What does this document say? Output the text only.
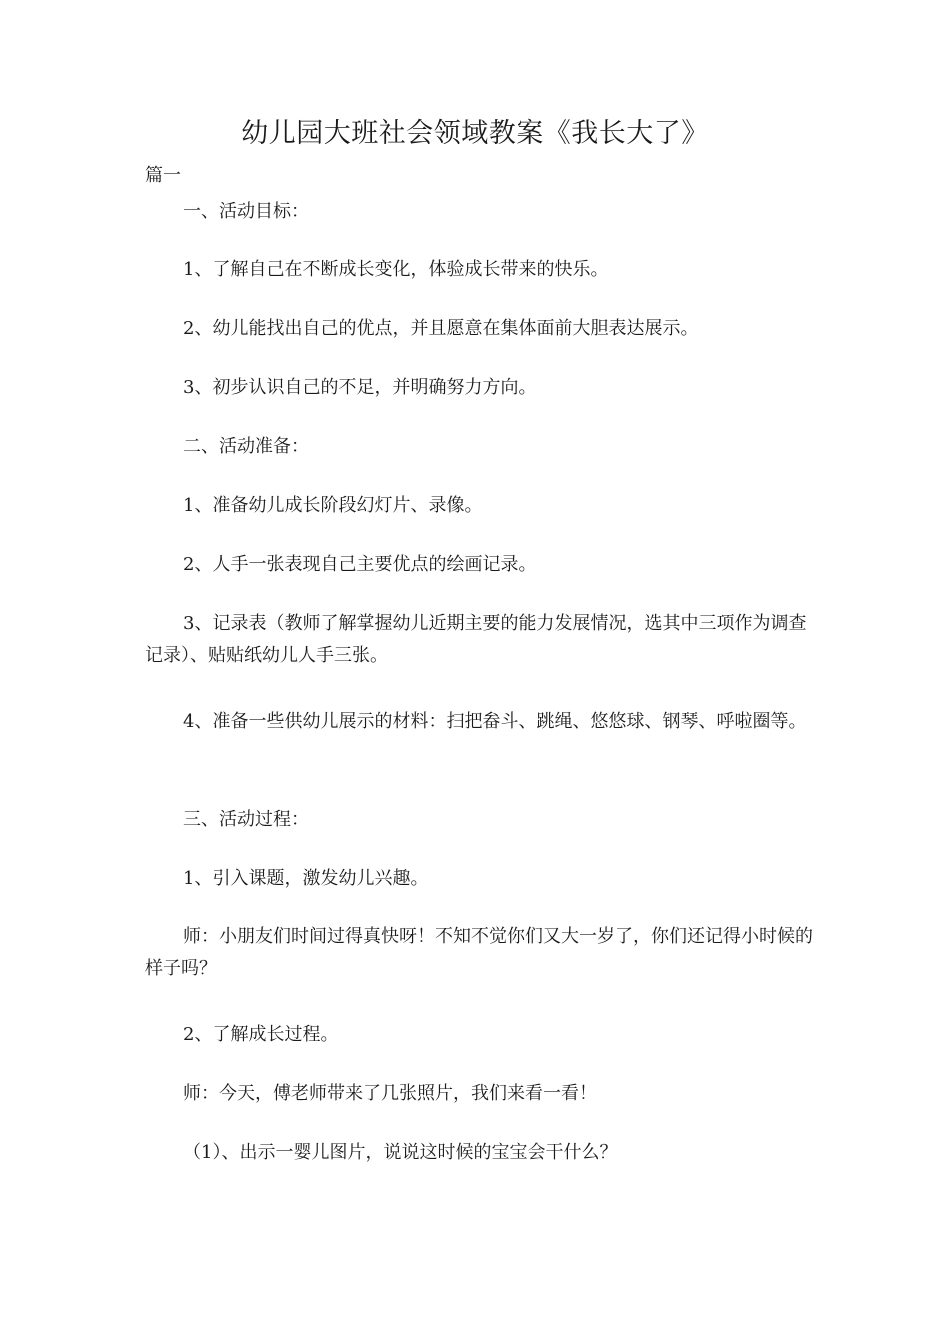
幼儿园大班社会领域教案《我长大了》
篇一
一、活动目标：
1、了解自己在不断成长变化，体验成长带来的快乐。
2、幼儿能找出自己的优点，并且愿意在集体面前大胆表达展示。
3、初步认识自己的不足，并明确努力方向。
二、活动准备：
1、准备幼儿成长阶段幻灯片、录像。
2、人手一张表现自己主要优点的绘画记录。
3、记录表（教师了解掌握幼儿近期主要的能力发展情况，选其中三项作为调查记录）、贴贴纸幼儿人手三张。
4、准备一些供幼儿展示的材料：扫把畚斗、跳绳、悠悠球、钢琴、呼啦圈等。
三、活动过程：
1、引入课题，激发幼儿兴趣。
师：小朋友们时间过得真快呀！不知不觉你们又大一岁了，你们还记得小时候的样子吗？
2、了解成长过程。
师：今天，傅老师带来了几张照片，我们来看一看！
（1）、出示一婴儿图片，说说这时候的宝宝会干什么？
